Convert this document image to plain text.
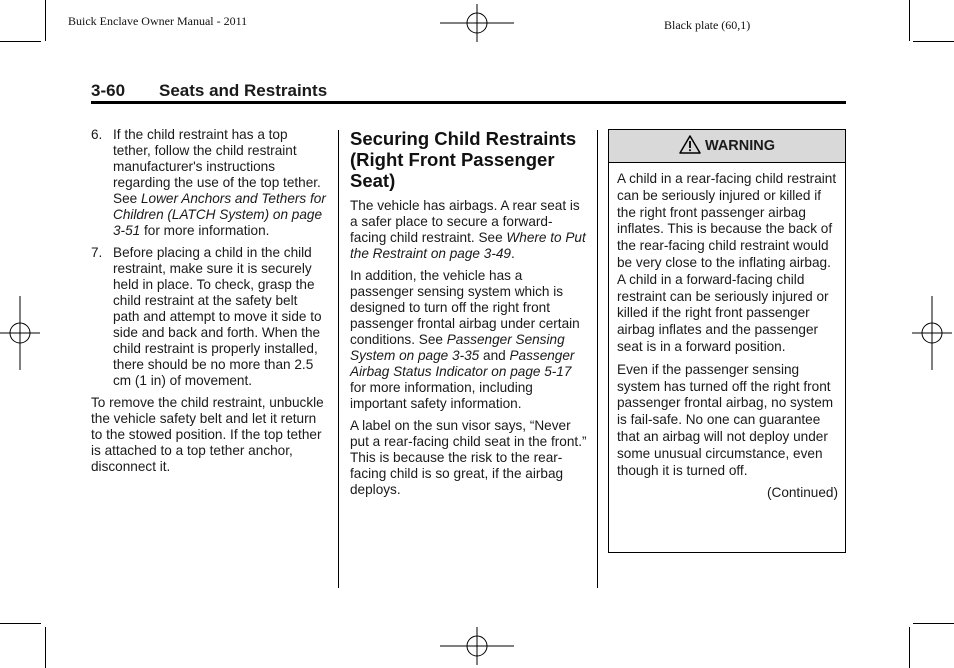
Buick Enclave Owner Manual - 2011	Black plate (60,1)
3-60 Seats and Restraints
6. If the child restraint has a top tether, follow the child restraint manufacturer's instructions regarding the use of the top tether. See Lower Anchors and Tethers for Children (LATCH System) on page 3-51 for more information.
7. Before placing a child in the child restraint, make sure it is securely held in place. To check, grasp the child restraint at the safety belt path and attempt to move it side to side and back and forth. When the child restraint is properly installed, there should be no more than 2.5 cm (1 in) of movement.

To remove the child restraint, unbuckle the vehicle safety belt and let it return to the stowed position. If the top tether is attached to a top tether anchor, disconnect it.

Securing Child Restraints (Right Front Passenger Seat)

The vehicle has airbags. A rear seat is a safer place to secure a forward-facing child restraint. See Where to Put the Restraint on page 3-49.

In addition, the vehicle has a passenger sensing system which is designed to turn off the right front passenger frontal airbag under certain conditions. See Passenger Sensing System on page 3-35 and Passenger Airbag Status Indicator on page 5-17 for more information, including important safety information.

A label on the sun visor says, “Never put a rear-facing child seat in the front.” This is because the risk to the rear-facing child is so great, if the airbag deploys.

WARNING

A child in a rear-facing child restraint can be seriously injured or killed if the right front passenger airbag inflates. This is because the back of the rear-facing child restraint would be very close to the inflating airbag. A child in a forward-facing child restraint can be seriously injured or killed if the right front passenger airbag inflates and the passenger seat is in a forward position.

Even if the passenger sensing system has turned off the right front passenger frontal airbag, no system is fail-safe. No one can guarantee that an airbag will not deploy under some unusual circumstance, even though it is turned off.

(Continued)
